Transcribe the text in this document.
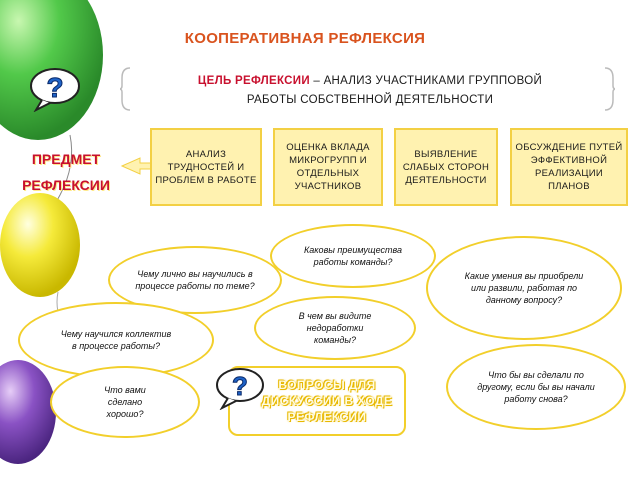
КООПЕРАТИВНАЯ РЕФЛЕКСИЯ
ЦЕЛЬ РЕФЛЕКСИИ – АНАЛИЗ УЧАСТНИКАМИ ГРУППОВОЙ
РАБОТЫ СОБСТВЕННОЙ ДЕЯТЕЛЬНОСТИ
?
ПРЕДМЕТ
РЕФЛЕКСИИ
АНАЛИЗ ТРУДНОСТЕЙ И ПРОБЛЕМ В РАБОТЕ
ОЦЕНКА ВКЛАДА МИКРОГРУПП И ОТДЕЛЬНЫХ УЧАСТНИКОВ
ВЫЯВЛЕНИЕ СЛАБЫХ СТОРОН ДЕЯТЕЛЬНОСТИ
ОБСУЖДЕНИЕ ПУТЕЙ ЭФФЕКТИВНОЙ РЕАЛИЗАЦИИ ПЛАНОВ
Каковы преимущества работы команды?
Чему лично вы научились в процессе работы по теме?
Какие умения вы приобрели или развили, работая по данному вопросу?
В чем вы видите недоработки команды?
Чему научился коллектив в процессе работы?
Что вами сделано хорошо?
Что бы вы сделали по другому, если бы вы начали работу снова?
ВОПРОСЫ ДЛЯ ДИСКУССИИ В ХОДЕ РЕФЛЕКСИИ
?
